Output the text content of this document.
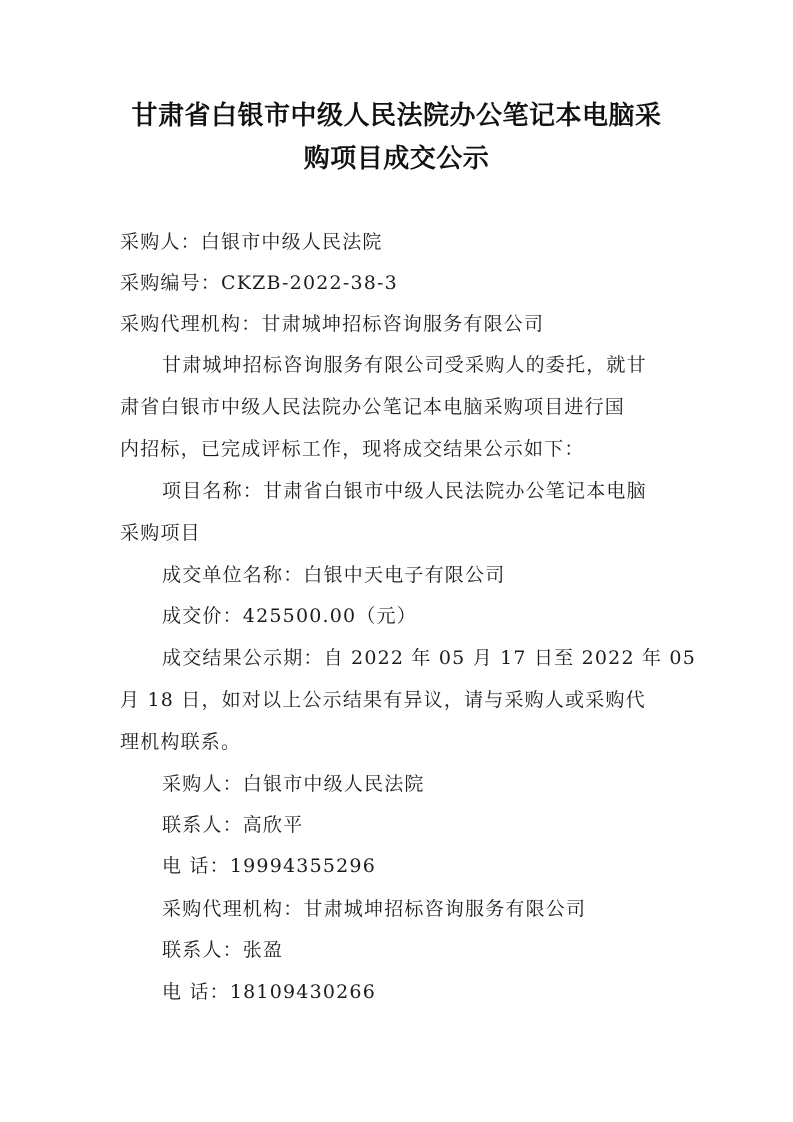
甘肃省白银市中级人民法院办公笔记本电脑采
购项目成交公示
采购人：白银市中级人民法院
采购编号：CKZB-2022-38-3
采购代理机构：甘肃城坤招标咨询服务有限公司
甘肃城坤招标咨询服务有限公司受采购人的委托，就甘
肃省白银市中级人民法院办公笔记本电脑采购项目进行国
内招标，已完成评标工作，现将成交结果公示如下：
项目名称：甘肃省白银市中级人民法院办公笔记本电脑
采购项目
成交单位名称：白银中天电子有限公司
成交价：425500.00（元）
成交结果公示期：自 2022 年 05 月 17 日至 2022 年 05
月 18 日，如对以上公示结果有异议，请与采购人或采购代
理机构联系。
采购人：白银市中级人民法院
联系人：高欣平
电 话：19994355296
采购代理机构：甘肃城坤招标咨询服务有限公司
联系人：张盈
电 话：18109430266
